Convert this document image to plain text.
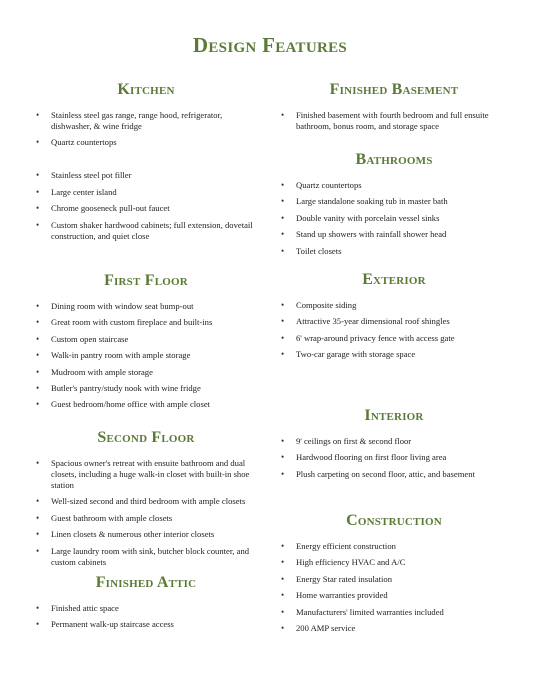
Design Features
Kitchen
• Stainless steel gas range, range hood, refrigerator, dishwasher, & wine fridge
• Quartz countertops
• Stainless steel pot filler
• Large center island
• Chrome gooseneck pull-out faucet
• Custom shaker hardwood cabinets; full extension, dovetail construction, and quiet close
First Floor
• Dining room with window seat bump-out
• Great room with custom fireplace and built-ins
• Custom open staircase
• Walk-in pantry room with ample storage
• Mudroom with ample storage
• Butler's pantry/study nook with wine fridge
• Guest bedroom/home office with ample closet
Second Floor
• Spacious owner's retreat with ensuite bathroom and dual closets, including a huge walk-in closet with built-in shoe station
• Well-sized second and third bedroom with ample closets
• Guest bathroom with ample closets
• Linen closets & numerous other interior closets
• Large laundry room with sink, butcher block counter, and custom cabinets
Finished Attic
• Finished attic space
• Permanent walk-up staircase access
Finished Basement
• Finished basement with fourth bedroom and full ensuite bathroom, bonus room, and storage space
Bathrooms
• Quartz countertops
• Large standalone soaking tub in master bath
• Double vanity with porcelain vessel sinks
• Stand up showers with rainfall shower head
• Toilet closets
Exterior
• Composite siding
• Attractive 35-year dimensional roof shingles
• 6' wrap-around privacy fence with access gate
• Two-car garage with storage space
Interior
• 9' ceilings on first & second floor
• Hardwood flooring on first floor living area
• Plush carpeting on second floor, attic, and basement
Construction
• Energy efficient construction
• High efficiency HVAC and A/C
• Energy Star rated insulation
• Home warranties provided
• Manufacturers' limited warranties included
• 200 AMP service
